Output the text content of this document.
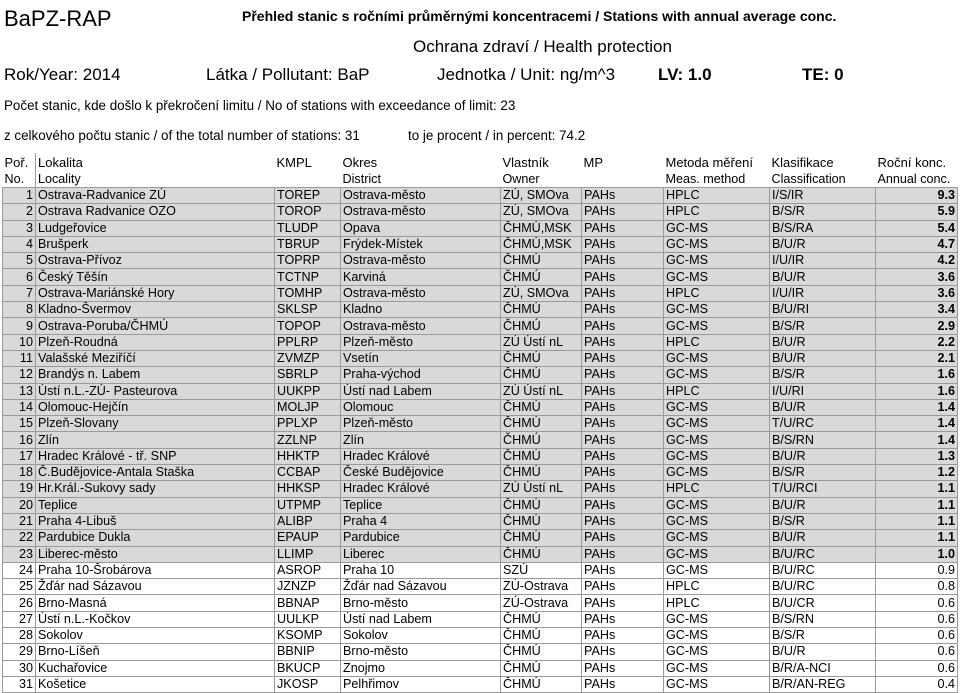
BaPZ-RAP	Přehled stanic s ročními průměrnými koncentracemi / Stations with annual average conc.
Ochrana zdraví / Health protection
Rok/Year: 2014	Látka / Pollutant: BaP	Jednotka / Unit: ng/m^3	LV: 1.0	TE: 0
Počet stanic, kde došlo k překročení limitu / No of stations with exceedance of limit: 23
z celkového počtu stanic / of the total number of stations: 31	to je procent / in percent: 74.2
Poř.	Lokalita	KMPL	Okres	Vlastník	MP	Metoda měření	Klasifikace	Roční konc.
No.	Locality		District	Owner		Meas. method	Classification	Annual conc.
1	Ostrava-Radvanice ZÚ	TOREP	Ostrava-město	ZÚ, SMOva	PAHs	HPLC	I/S/IR	9.3
2	Ostrava Radvanice OZO	TOROP	Ostrava-město	ZÚ, SMOva	PAHs	HPLC	B/S/R	5.9
3	Ludgeřovice	TLUDP	Opava	ČHMÚ,MSK	PAHs	GC-MS	B/S/RA	5.4
4	Brušperk	TBRUP	Frýdek-Místek	ČHMÚ,MSK	PAHs	GC-MS	B/U/R	4.7
5	Ostrava-Přívoz	TOPRP	Ostrava-město	ČHMÚ	PAHs	GC-MS	I/U/IR	4.2
6	Český Těšín	TCTNP	Karviná	ČHMÚ	PAHs	GC-MS	B/U/R	3.6
7	Ostrava-Mariánské Hory	TOMHP	Ostrava-město	ZÚ, SMOva	PAHs	HPLC	I/U/IR	3.6
8	Kladno-Švermov	SKLSP	Kladno	ČHMÚ	PAHs	GC-MS	B/U/RI	3.4
9	Ostrava-Poruba/ČHMÚ	TOPOP	Ostrava-město	ČHMÚ	PAHs	GC-MS	B/S/R	2.9
10	Plzeň-Roudná	PPLRP	Plzeň-město	ZÚ Ústí nL	PAHs	HPLC	B/U/R	2.2
11	Valašské Meziříčí	ZVMZP	Vsetín	ČHMÚ	PAHs	GC-MS	B/U/R	2.1
12	Brandýs n. Labem	SBRLP	Praha-východ	ČHMÚ	PAHs	GC-MS	B/S/R	1.6
13	Ústí n.L.-ZÚ- Pasteurova	UUKPP	Ústí nad Labem	ZÚ Ústí nL	PAHs	HPLC	I/U/RI	1.6
14	Olomouc-Hejčín	MOLJP	Olomouc	ČHMÚ	PAHs	GC-MS	B/U/R	1.4
15	Plzeň-Slovany	PPLXP	Plzeň-město	ČHMÚ	PAHs	GC-MS	T/U/RC	1.4
16	Zlín	ZZLNP	Zlín	ČHMÚ	PAHs	GC-MS	B/S/RN	1.4
17	Hradec Králové - tř. SNP	HHKTP	Hradec Králové	ČHMÚ	PAHs	GC-MS	B/U/R	1.3
18	Č.Budějovice-Antala Staška	CCBAP	České Budějovice	ČHMÚ	PAHs	GC-MS	B/S/R	1.2
19	Hr.Král.-Sukovy sady	HHKSP	Hradec Králové	ZÚ Ústí nL	PAHs	HPLC	T/U/RCI	1.1
20	Teplice	UTPMP	Teplice	ČHMÚ	PAHs	GC-MS	B/U/R	1.1
21	Praha 4-Libuš	ALIBP	Praha 4	ČHMÚ	PAHs	GC-MS	B/S/R	1.1
22	Pardubice Dukla	EPAUP	Pardubice	ČHMÚ	PAHs	GC-MS	B/U/R	1.1
23	Liberec-město	LLIMP	Liberec	ČHMÚ	PAHs	GC-MS	B/U/RC	1.0
24	Praha 10-Šrobárova	ASROP	Praha 10	SZÚ	PAHs	GC-MS	B/U/RC	0.9
25	Žďár nad Sázavou	JZNZP	Žďár nad Sázavou	ZÚ-Ostrava	PAHs	HPLC	B/U/RC	0.8
26	Brno-Masná	BBNAP	Brno-město	ZÚ-Ostrava	PAHs	HPLC	B/U/CR	0.6
27	Ústí n.L.-Kočkov	UULKP	Ústí nad Labem	ČHMÚ	PAHs	GC-MS	B/S/RN	0.6
28	Sokolov	KSOMP	Sokolov	ČHMÚ	PAHs	GC-MS	B/S/R	0.6
29	Brno-Líšeň	BBNIP	Brno-město	ČHMÚ	PAHs	GC-MS	B/U/R	0.6
30	Kuchařovice	BKUCP	Znojmo	ČHMÚ	PAHs	GC-MS	B/R/A-NCI	0.6
31	Košetice	JKOSP	Pelhřimov	ČHMÚ	PAHs	GC-MS	B/R/AN-REG	0.4
